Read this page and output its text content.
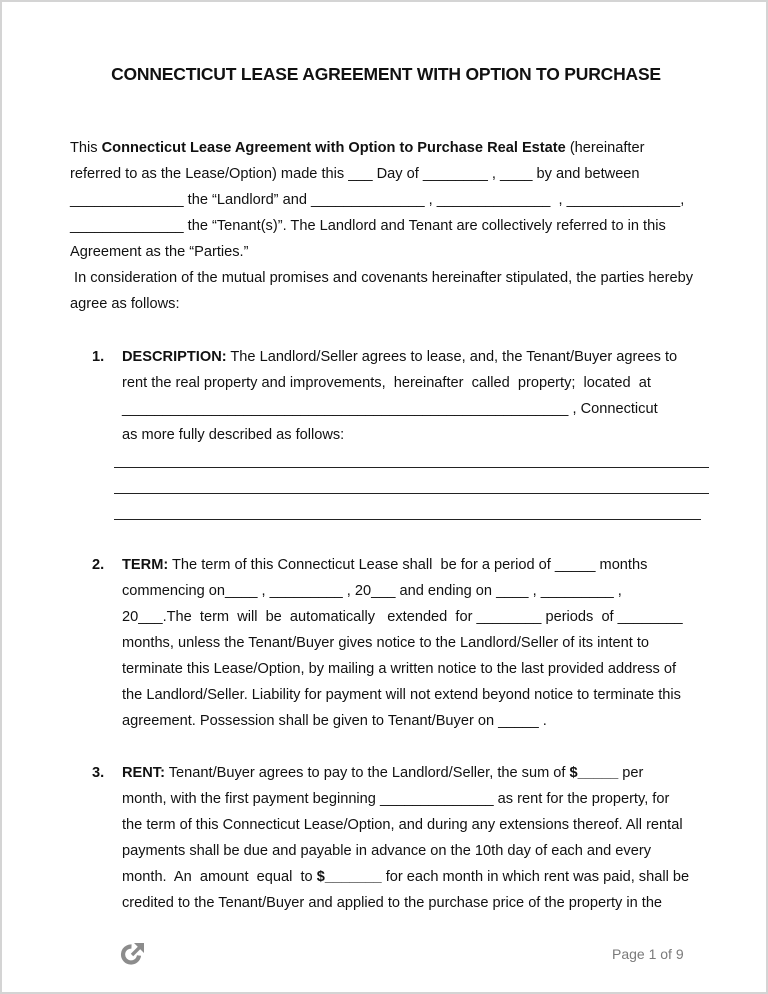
CONNECTICUT LEASE AGREEMENT WITH OPTION TO PURCHASE
This Connecticut Lease Agreement with Option to Purchase Real Estate (hereinafter
referred to as the Lease/Option) made this ___ Day of ________ , ____ by and between
______________ the “Landlord” and ______________ , ______________  , ______________,
______________ the “Tenant(s)”. The Landlord and Tenant are collectively referred to in this
Agreement as the “Parties.”
In consideration of the mutual promises and covenants hereinafter stipulated, the parties hereby
agree as follows:
1. DESCRIPTION: The Landlord/Seller agrees to lease, and, the Tenant/Buyer agrees to
rent the real property and improvements,  hereinafter  called  property;  located  at
_______________________________________________________ , Connecticut
as more fully described as follows:
2. TERM: The term of this Connecticut Lease shall  be for a period of _____ months
commencing on____ , _________ , 20___ and ending on ____ , _________ ,
20___.The  term  will  be  automatically   extended  for ________ periods  of ________
months, unless the Tenant/Buyer gives notice to the Landlord/Seller of its intent to
terminate this Lease/Option, by mailing a written notice to the last provided address of
the Landlord/Seller. Liability for payment will not extend beyond notice to terminate this
agreement. Possession shall be given to Tenant/Buyer on _____ .
3. RENT: Tenant/Buyer agrees to pay to the Landlord/Seller, the sum of $_____ per
month, with the first payment beginning ______________ as rent for the property, for
the term of this Connecticut Lease/Option, and during any extensions thereof. All rental
payments shall be due and payable in advance on the 10th day of each and every
month.  An  amount  equal  to $_______ for each month in which rent was paid, shall be
credited to the Tenant/Buyer and applied to the purchase price of the property in the
Page 1 of 9
